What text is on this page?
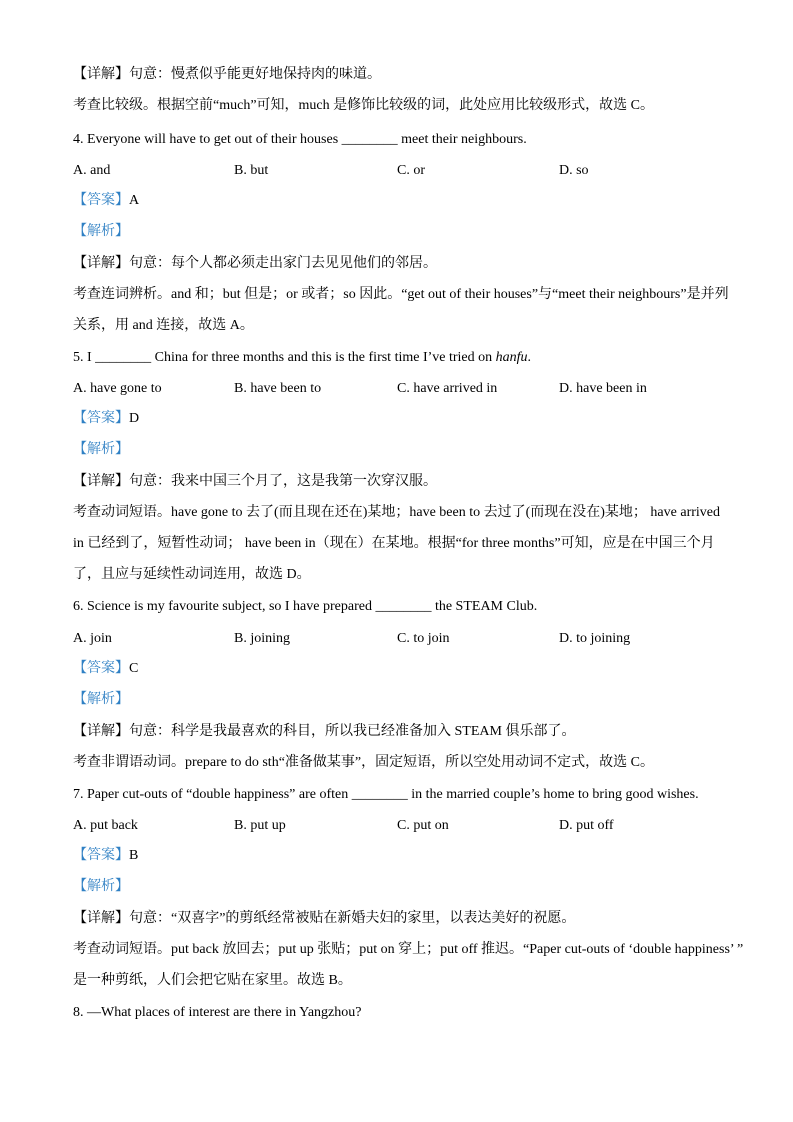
【详解】句意：慢煮似乎能更好地保持肉的味道。
考查比较级。根据空前“much”可知，much 是修饰比较级的词，此处应用比较级形式，故选 C。
4. Everyone will have to get out of their houses ________ meet their neighbours.
A. and	B. but	C. or	D. so
【答案】A
【解析】
【详解】句意：每个人都必须走出家门去见见他们的邻居。
考查连词辨析。and 和；but 但是；or 或者；so 因此。“get out of their houses”与“meet their neighbours”是并列
关系，用 and 连接，故选 A。
5. I ________ China for three months and this is the first time I’ve tried on hanfu.
A. have gone to	B. have been to	C. have arrived in	D. have been in
【答案】D
【解析】
【详解】句意：我来中国三个月了，这是我第一次穿汉服。
考查动词短语。have gone to 去了(而且现在还在)某地；have been to 去过了(而现在没在)某地； have arrived
in 已经到了，短暂性动词； have been in（现在）在某地。根据“for three months”可知，应是在中国三个月
了，且应与延续性动词连用，故选 D。
6. Science is my favourite subject, so I have prepared ________ the STEAM Club.
A. join	B. joining	C. to join	D. to joining
【答案】C
【解析】
【详解】句意：科学是我最喜欢的科目，所以我已经准备加入 STEAM 俱乐部了。
考查非谓语动词。prepare to do sth“准备做某事”，固定短语，所以空处用动词不定式，故选 C。
7. Paper cut-outs of “double happiness” are often ________ in the married couple’s home to bring good wishes.
A. put back	B. put up	C. put on	D. put off
【答案】B
【解析】
【详解】句意：“双喜字”的剪纸经常被贴在新婚夫妇的家里，以表达美好的祝愿。
考查动词短语。put back 放回去；put up 张贴；put on 穿上；put off 推迟。“Paper cut-outs of ‘double happiness’ ”
是一种剪纸，人们会把它贴在家里。故选 B。
8. —What places of interest are there in Yangzhou?
